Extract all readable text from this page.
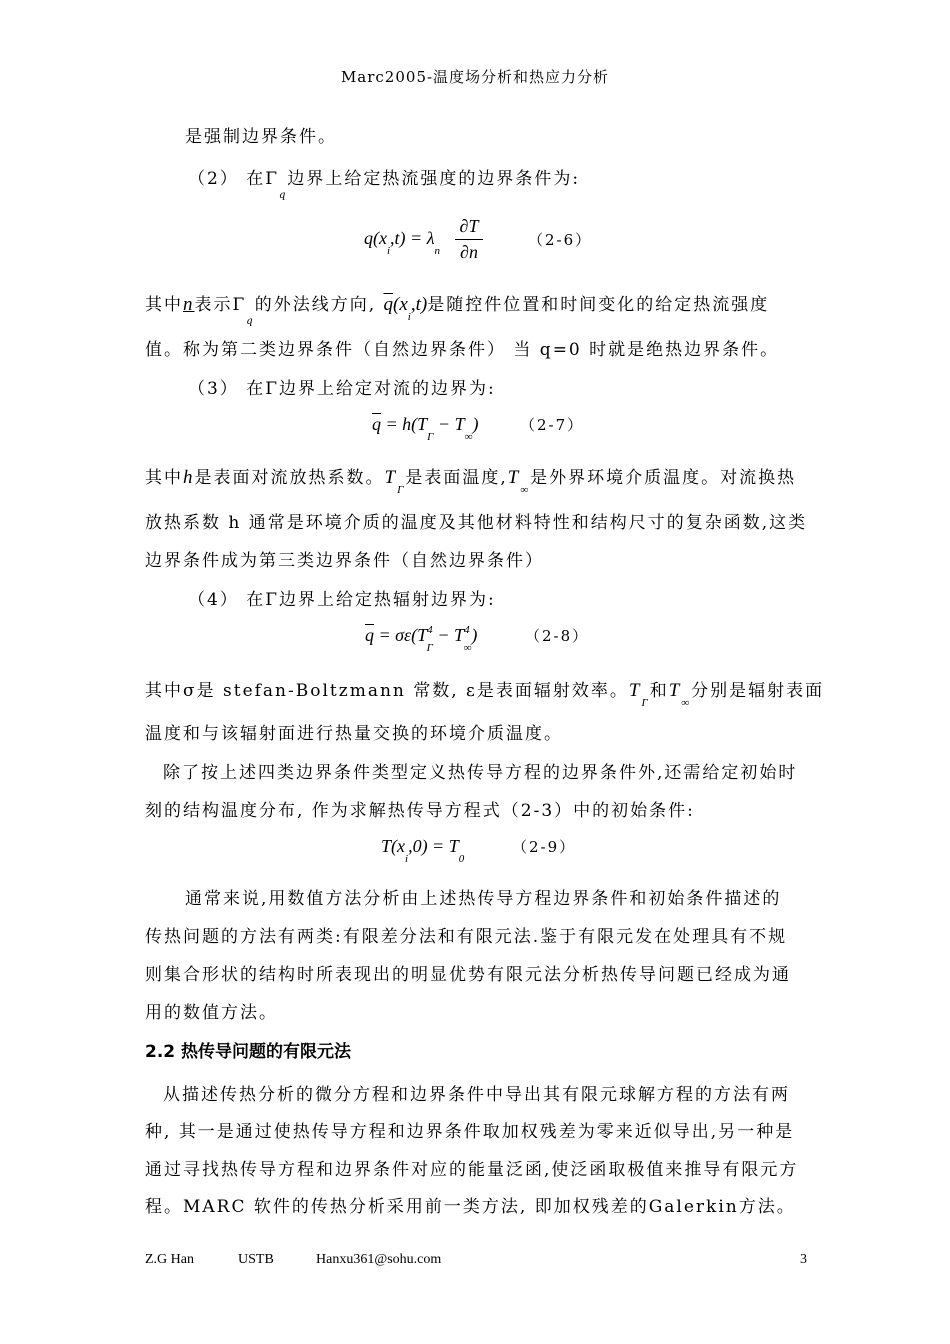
Marc2005-温度场分析和热应力分析
是强制边界条件。
（2） 在$\Gamma_q$边界上给定热流强度的边界条件为:
$q(x_i,t) = \lambda_n$
∂T
∂n
（2-6）
其中n表示$\Gamma_q$的外法线方向, $\overline{q}(x_i,t)$是随控件位置和时间变化的给定热流强度
值。称为第二类边界条件（自然边界条件） 当 q=0 时就是绝热边界条件。
（3） 在Γ边界上给定对流的边界为:
$\overline{q} = h(T_\Gamma - T_\infty)$	（2-7）
其中h是表面对流放热系数。$T_\Gamma$是表面温度$,T_\infty$是外界环境介质温度。对流换热
放热系数 h 通常是环境介质的温度及其他材料特性和结构尺寸的复杂函数,这类
边界条件成为第三类边界条件（自然边界条件）
（4） 在Γ边界上给定热辐射边界为:
$\overline{q} = \sigma\varepsilon(T^4_\Gamma - T^4_\infty)$	（2-8）
其中σ是 stefan-Boltzmann 常数, ε是表面辐射效率。$T_\Gamma$和$T_\infty$分别是辐射表面
温度和与该辐射面进行热量交换的环境介质温度。
除了按上述四类边界条件类型定义热传导方程的边界条件外,还需给定初始时
刻的结构温度分布, 作为求解热传导方程式（2-3）中的初始条件:
$T(x_i,0) = T_0$
（2-9）
通常来说,用数值方法分析由上述热传导方程边界条件和初始条件描述的
传热问题的方法有两类:有限差分法和有限元法.鉴于有限元发在处理具有不规
则集合形状的结构时所表现出的明显优势有限元法分析热传导问题已经成为通
用的数值方法。
2.2 热传导问题的有限元法
从描述传热分析的微分方程和边界条件中导出其有限元球解方程的方法有两
种, 其一是通过使热传导方程和边界条件取加权残差为零来近似导出,另一种是
通过寻找热传导方程和边界条件对应的能量泛函,使泛函取极值来推导有限元方
程。MARC 软件的传热分析采用前一类方法, 即加权残差的Galerkin方法。
Z.G Han	USTB	Hanxu361@sohu.com	3
